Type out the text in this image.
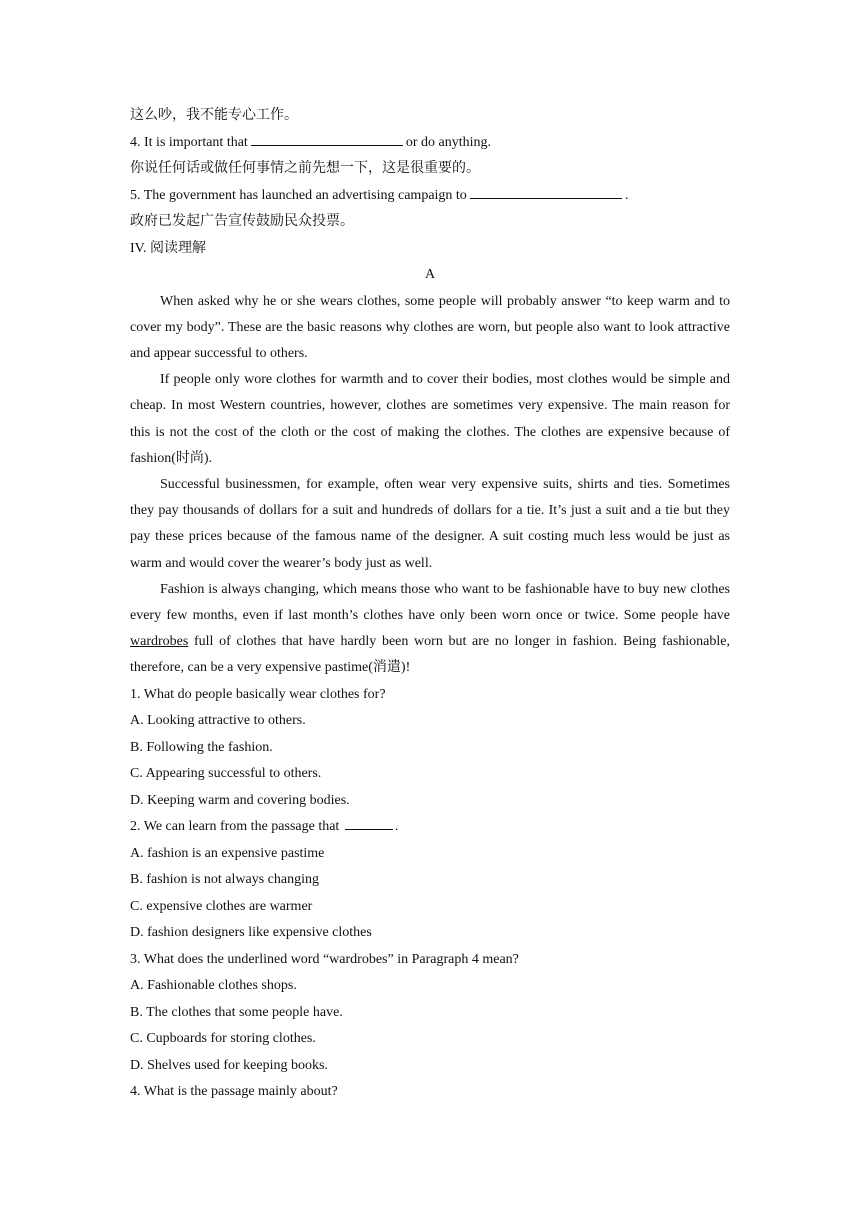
这么吵，我不能专心工作。
4. It is important that	or do anything.
你说任何话或做任何事情之前先想一下，这是很重要的。
5. The government has launched an advertising campaign to	.
政府已发起广告宣传鼓励民众投票。
IV. 阅读理解
A

When asked why he or she wears clothes, some people will probably answer “to keep warm and to cover my body”. These are the basic reasons why clothes are worn, but people also want to look attractive and appear successful to others.

If people only wore clothes for warmth and to cover their bodies, most clothes would be simple and cheap. In most Western countries, however, clothes are sometimes very expensive. The main reason for this is not the cost of the cloth or the cost of making the clothes. The clothes are expensive because of fashion(时尚).

Successful businessmen, for example, often wear very expensive suits, shirts and ties. Sometimes they pay thousands of dollars for a suit and hundreds of dollars for a tie. It’s just a suit and a tie but they pay these prices because of the famous name of the designer. A suit costing much less would be just as warm and would cover the wearer’s body just as well.

Fashion is always changing, which means those who want to be fashionable have to buy new clothes every few months, even if last month’s clothes have only been worn once or twice. Some people have wardrobes full of clothes that have hardly been worn but are no longer in fashion. Being fashionable, therefore, can be a very expensive pastime(消遣)!

1. What do people basically wear clothes for?
A. Looking attractive to others.
B. Following the fashion.
C. Appearing successful to others.
D. Keeping warm and covering bodies.
2. We can learn from the passage that	.
A. fashion is an expensive pastime
B. fashion is not always changing
C. expensive clothes are warmer
D. fashion designers like expensive clothes
3. What does the underlined word “wardrobes” in Paragraph 4 mean?
A. Fashionable clothes shops.
B. The clothes that some people have.
C. Cupboards for storing clothes.
D. Shelves used for keeping books.
4. What is the passage mainly about?
